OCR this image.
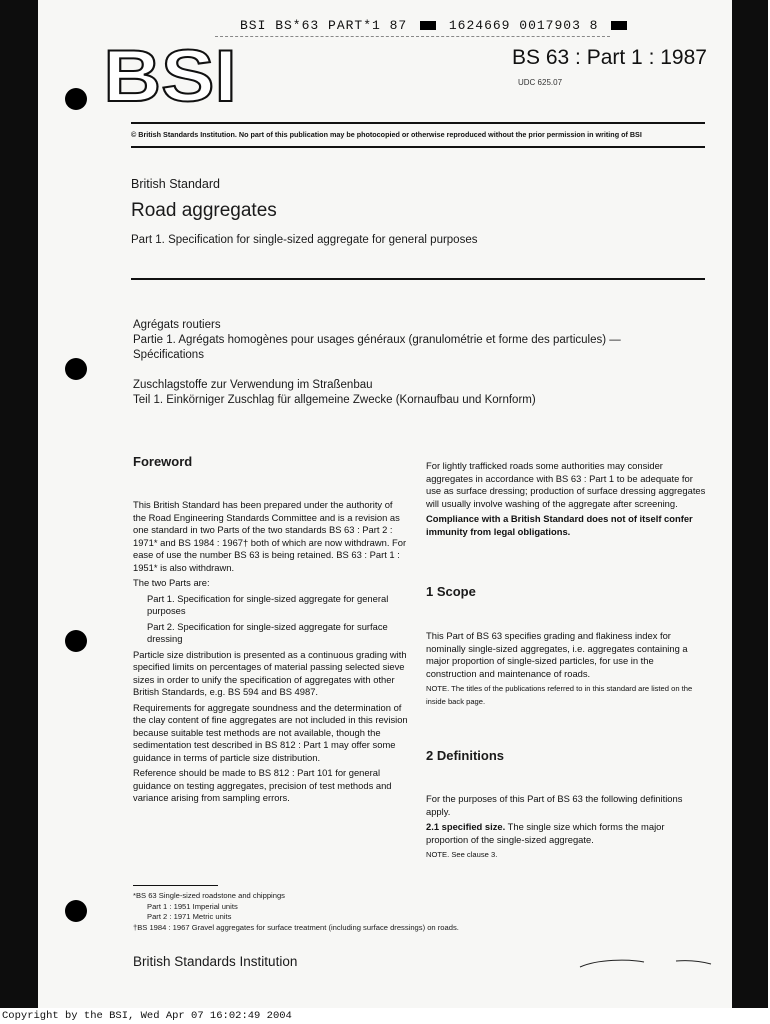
BSI BS*63 PART*1 87	1624669 0017903 8
BSI	BS 63 : Part 1 : 1987
UDC 625.07
© British Standards Institution. No part of this publication may be photocopied or otherwise reproduced without the prior permission in writing of BSI
British Standard
Road aggregates
Part 1. Specification for single-sized aggregate for general purposes
Agrégats routiers
Partie 1. Agrégats homogènes pour usages généraux (granulométrie et forme des particules) —
Spécifications
Zuschlagstoffe zur Verwendung im Straßenbau
Teil 1. Einkörniger Zuschlag für allgemeine Zwecke (Kornaufbau und Kornform)
Foreword

This British Standard has been prepared under the authority of the Road Engineering Standards Committee and is a revision as one standard in two Parts of the two standards BS 63 : Part 2 : 1971* and BS 1984 : 1967† both of which are now withdrawn. For ease of use the number BS 63 is being retained. BS 63 : Part 1 : 1951* is also withdrawn.

The two Parts are:

Part 1. Specification for single-sized aggregate for general purposes

Part 2. Specification for single-sized aggregate for surface dressing

Particle size distribution is presented as a continuous grading with specified limits on percentages of material passing selected sieve sizes in order to unify the specification of aggregates with other British Standards, e.g. BS 594 and BS 4987.

Requirements for aggregate soundness and the determination of the clay content of fine aggregates are not included in this revision because suitable test methods are not available, though the sedimentation test described in BS 812 : Part 1 may offer some guidance in terms of particle size distribution.

Reference should be made to BS 812 : Part 101 for general guidance on testing aggregates, precision of test methods and variance arising from sampling errors.

For lightly trafficked roads some authorities may consider aggregates in accordance with BS 63 : Part 1 to be adequate for use as surface dressing; production of surface dressing aggregates will usually involve washing of the aggregate after screening.

Compliance with a British Standard does not of itself confer immunity from legal obligations.

1 Scope

This Part of BS 63 specifies grading and flakiness index for nominally single-sized aggregates, i.e. aggregates containing a major proportion of single-sized particles, for use in the construction and maintenance of roads.

NOTE. The titles of the publications referred to in this standard are listed on the inside back page.

2 Definitions

For the purposes of this Part of BS 63 the following definitions apply.

2.1 specified size. The single size which forms the major proportion of the single-sized aggregate.

NOTE. See clause 3.

*BS 63 Single-sized roadstone and chippings
Part 1 : 1951 Imperial units
Part 2 : 1971 Metric units
†BS 1984 : 1967 Gravel aggregates for surface treatment (including surface dressings) on roads.
British Standards Institution
Copyright by the BSI, Wed Apr 07 16:02:49 2004
